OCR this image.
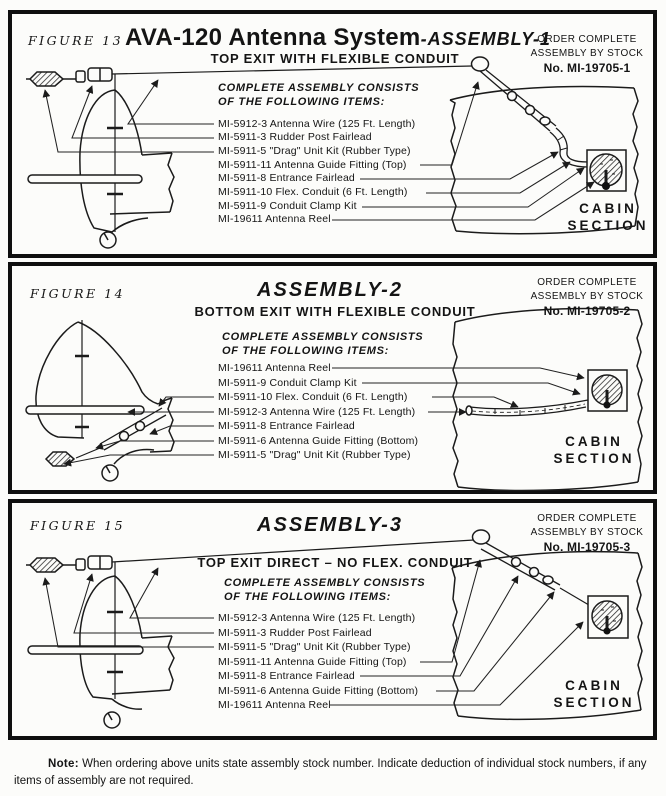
FIGURE 13 AVA-120 Antenna System-ASSEMBLY-1
TOP EXIT WITH FLEXIBLE CONDUIT
ORDER COMPLETE
ASSEMBLY BY STOCK
No. MI-19705-1
COMPLETE ASSEMBLY CONSISTS
OF THE FOLLOWING ITEMS:
MI-5912-3 Antenna Wire (125 Ft. Length)
MI-5911-3 Rudder Post Fairlead
MI-5911-5 "Drag" Unit Kit (Rubber Type)
MI-5911-11 Antenna Guide Fitting (Top)
MI-5911-8 Entrance Fairlead
MI-5911-10 Flex. Conduit (6 Ft. Length)
MI-5911-9 Conduit Clamp Kit
MI-19611 Antenna Reel
CABIN
SECTION
FIGURE 14	ASSEMBLY-2
BOTTOM EXIT WITH FLEXIBLE CONDUIT
ORDER COMPLETE
ASSEMBLY BY STOCK
No. MI-19705-2
COMPLETE ASSEMBLY CONSISTS
OF THE FOLLOWING ITEMS:
MI-19611 Antenna Reel
MI-5911-9 Conduit Clamp Kit
MI-5911-10 Flex. Conduit (6 Ft. Length)
MI-5912-3 Antenna Wire (125 Ft. Length)
MI-5911-8 Entrance Fairlead
MI-5911-6 Antenna Guide Fitting (Bottom)
MI-5911-5 "Drag" Unit Kit (Rubber Type)
CABIN
SECTION
FIGURE 15	ASSEMBLY-3
TOP EXIT DIRECT – NO FLEX. CONDUIT
ORDER COMPLETE
ASSEMBLY BY STOCK
No. MI-19705-3
COMPLETE ASSEMBLY CONSISTS
OF THE FOLLOWING ITEMS:
MI-5912-3 Antenna Wire (125 Ft. Length)
MI-5911-3 Rudder Post Fairlead
MI-5911-5 "Drag" Unit Kit (Rubber Type)
MI-5911-11 Antenna Guide Fitting (Top)
MI-5911-8 Entrance Fairlead
MI-5911-6 Antenna Guide Fitting (Bottom)
MI-19611 Antenna Reel
CABIN
SECTION
Note: When ordering above units state assembly stock number. Indicate deduction of individual stock numbers, if any items of assembly are not required.
